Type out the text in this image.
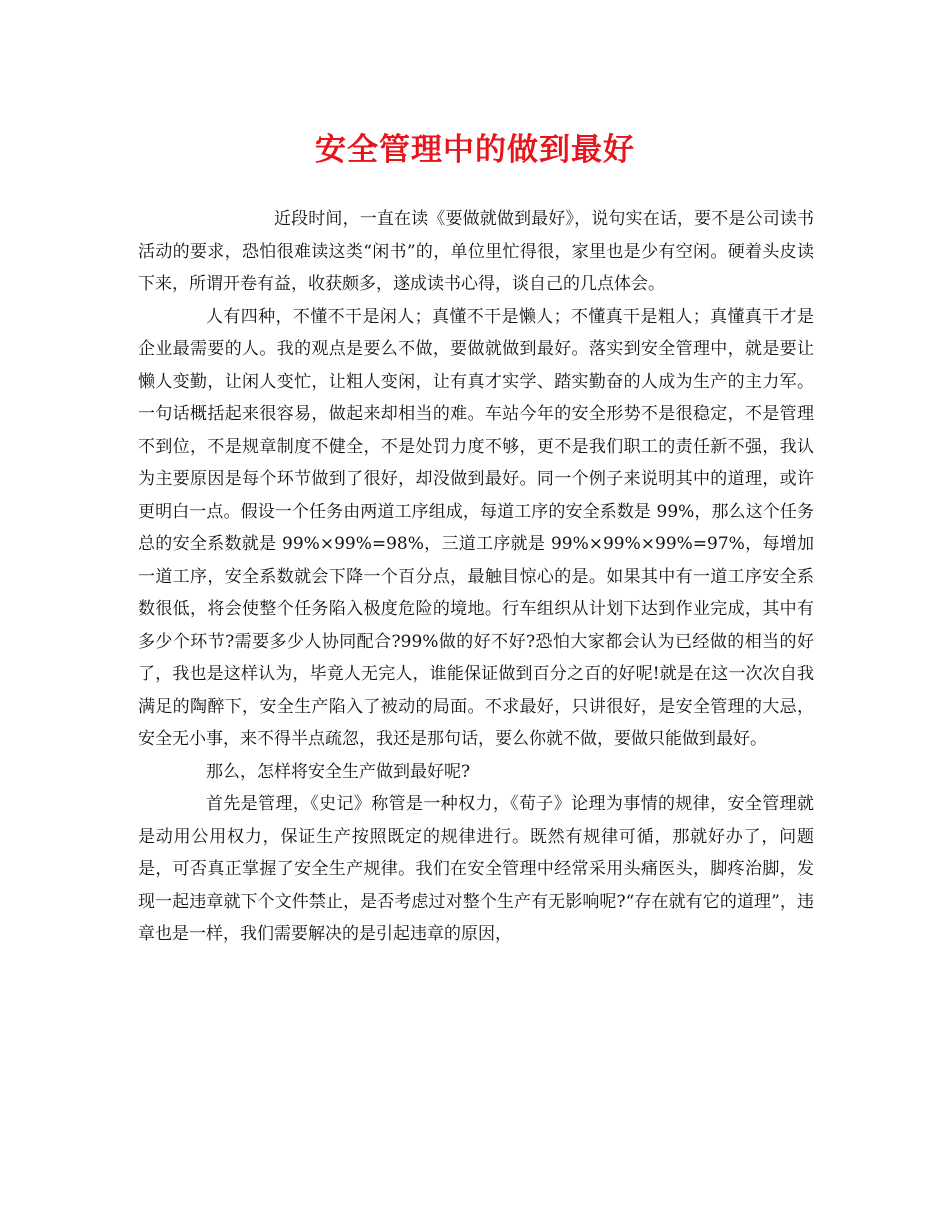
安全管理中的做到最好

近段时间，一直在读《要做就做到最好》，说句实在话，要不是公司读书活动的要求，恐怕很难读这类“闲书”的，单位里忙得很，家里也是少有空闲。硬着头皮读下来，所谓开卷有益，收获颇多，遂成读书心得，谈自己的几点体会。

人有四种，不懂不干是闲人；真懂不干是懒人；不懂真干是粗人；真懂真干才是企业最需要的人。我的观点是要么不做，要做就做到最好。落实到安全管理中，就是要让懒人变勤，让闲人变忙，让粗人变闲，让有真才实学、踏实勤奋的人成为生产的主力军。一句话概括起来很容易，做起来却相当的难。车站今年的安全形势不是很稳定，不是管理不到位，不是规章制度不健全，不是处罚力度不够，更不是我们职工的责任新不强，我认为主要原因是每个环节做到了很好，却没做到最好。同一个例子来说明其中的道理，或许更明白一点。假设一个任务由两道工序组成，每道工序的安全系数是 99%，那么这个任务总的安全系数就是 99%×99%=98%，三道工序就是 99%×99%×99%=97%，每增加一道工序，安全系数就会下降一个百分点，最触目惊心的是。如果其中有一道工序安全系数很低，将会使整个任务陷入极度危险的境地。行车组织从计划下达到作业完成，其中有多少个环节?需要多少人协同配合?99%做的好不好?恐怕大家都会认为已经做的相当的好了，我也是这样认为，毕竟人无完人，谁能保证做到百分之百的好呢!就是在这一次次自我满足的陶醉下，安全生产陷入了被动的局面。不求最好，只讲很好，是安全管理的大忌，安全无小事，来不得半点疏忽，我还是那句话，要么你就不做，要做只能做到最好。

那么，怎样将安全生产做到最好呢?

首先是管理，《史记》称管是一种权力，《荀子》论理为事情的规律，安全管理就是动用公用权力，保证生产按照既定的规律进行。既然有规律可循，那就好办了，问题是，可否真正掌握了安全生产规律。我们在安全管理中经常采用头痛医头，脚疼治脚，发现一起违章就下个文件禁止，是否考虑过对整个生产有无影响呢?“存在就有它的道理”，违章也是一样，我们需要解决的是引起违章的原因，
